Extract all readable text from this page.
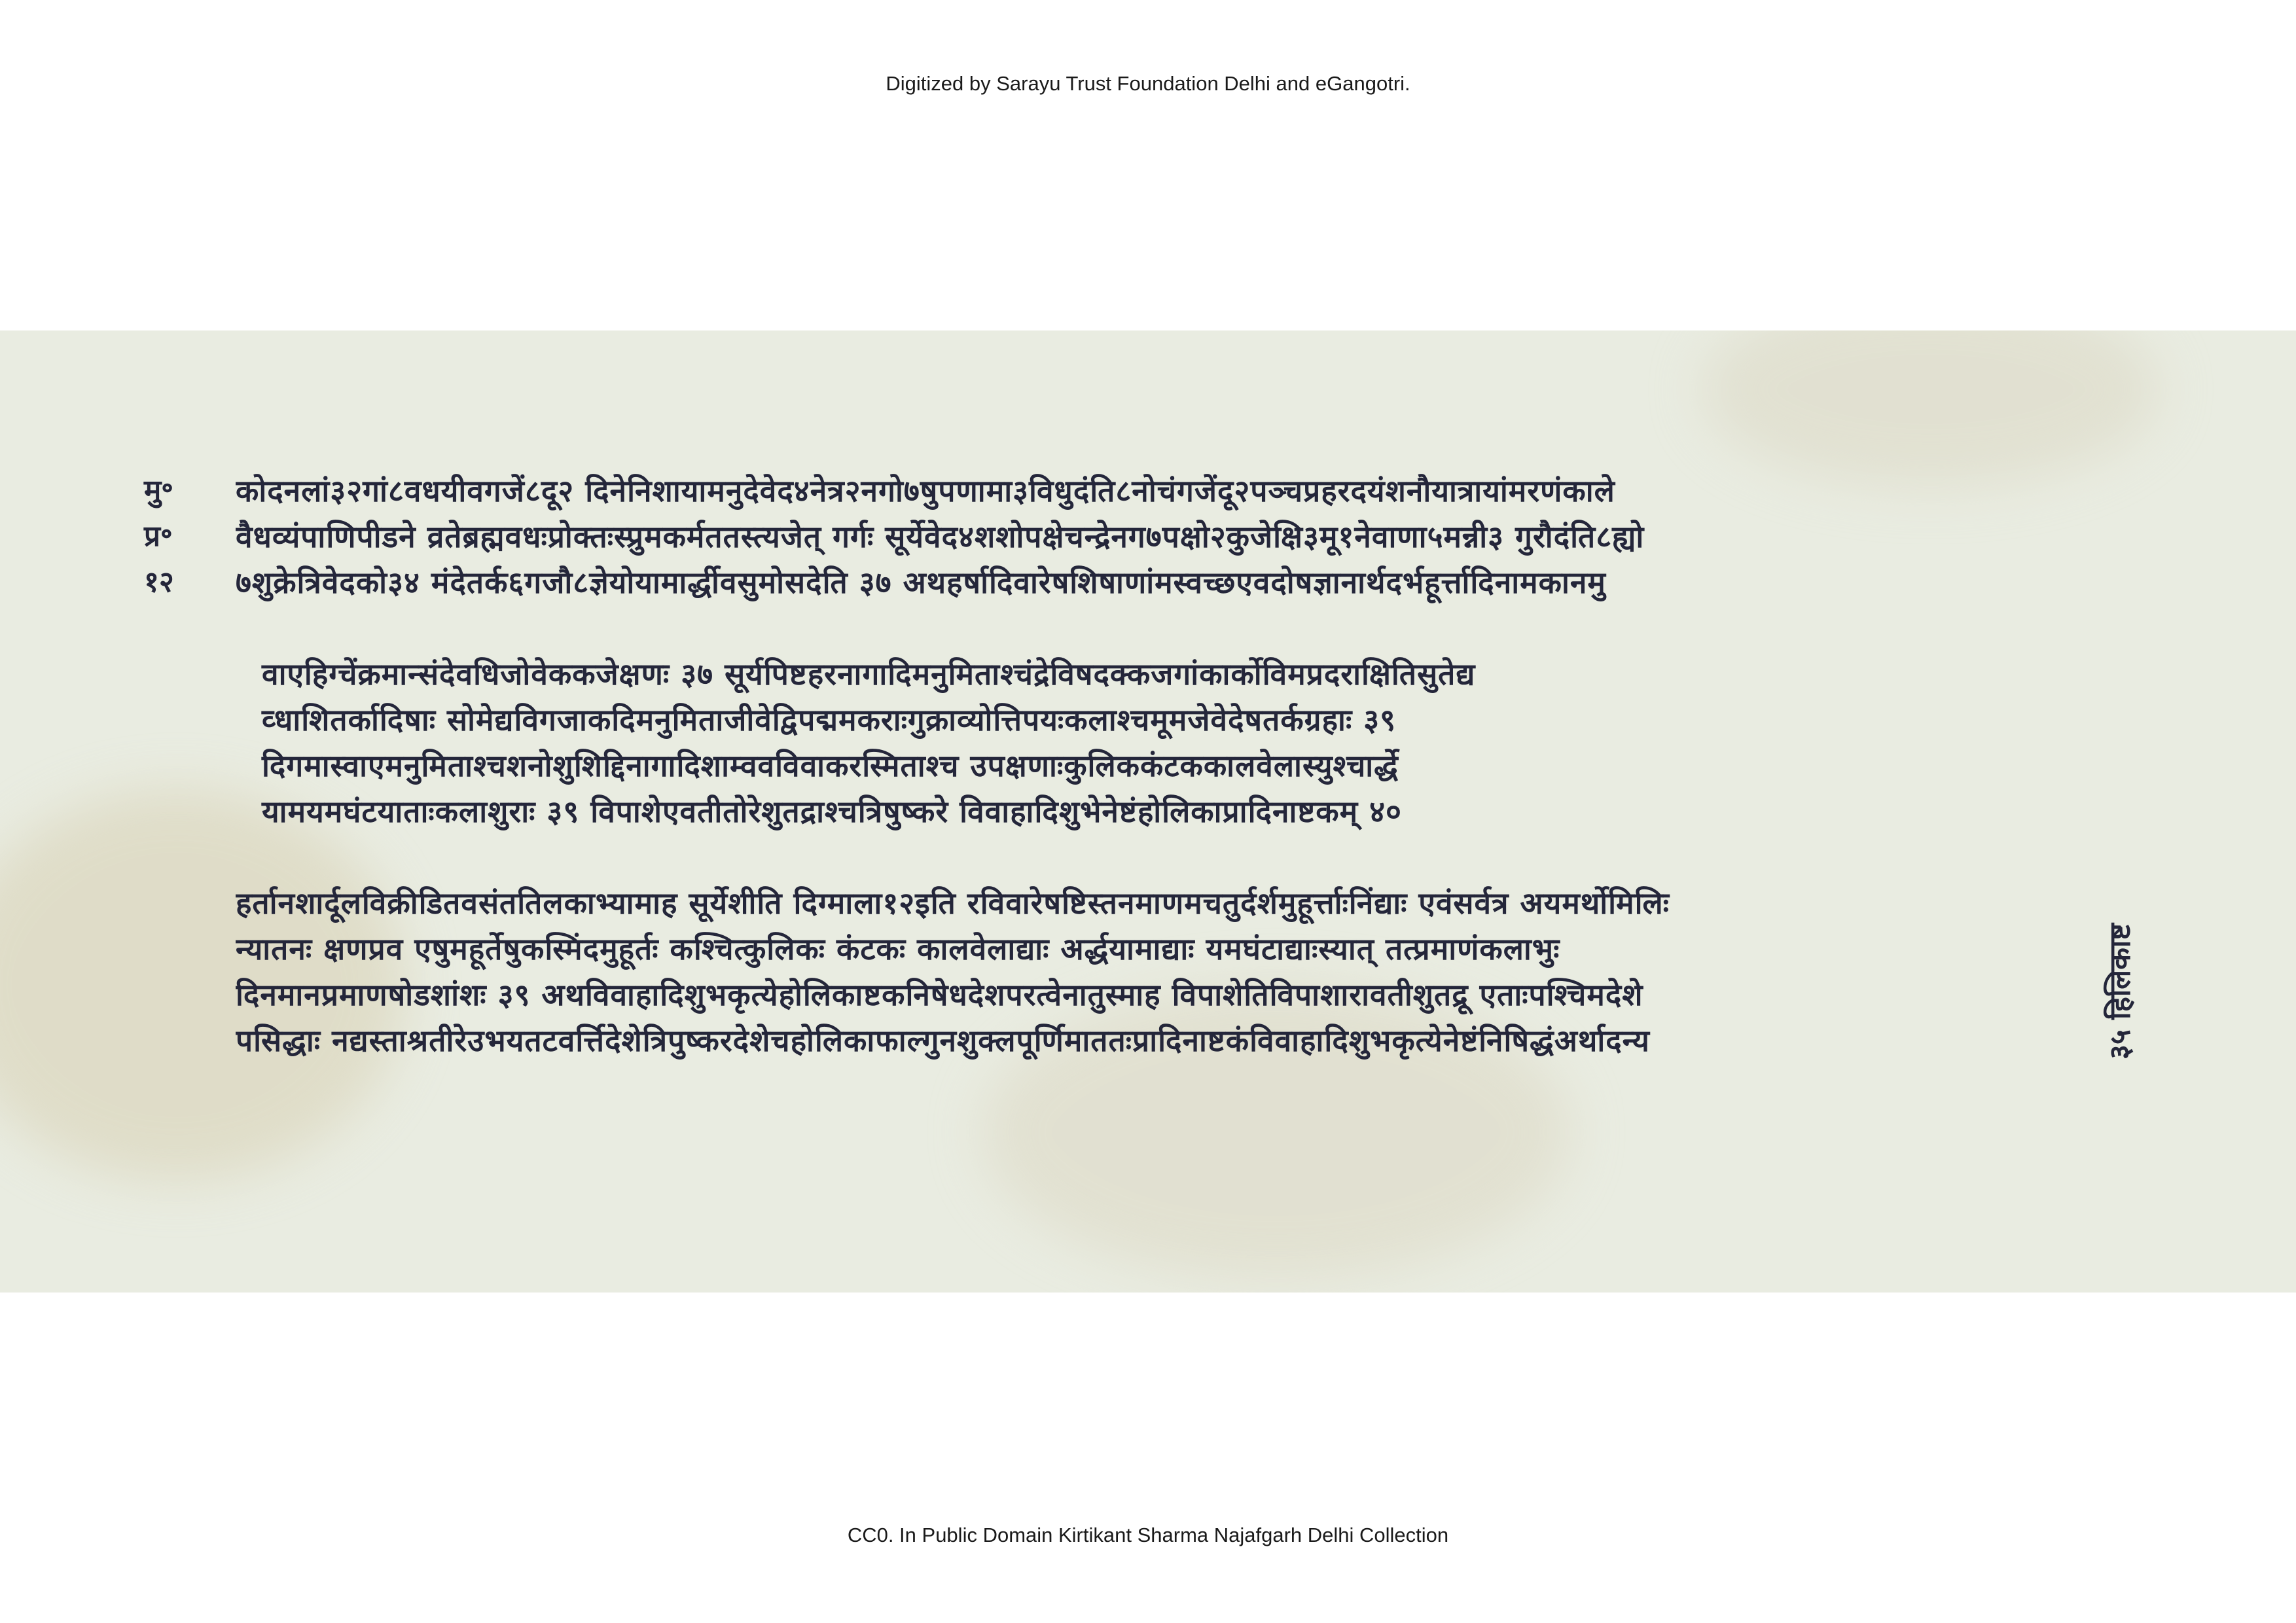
Digitized by Sarayu Trust Foundation Delhi and eGangotri.
मु॰
प्र॰
१२
कोदनलां३२गां८वधयीवगजें८दू२ दिनेनिशायामनुदेवेद४नेत्र२नगो७षुपणामा३विधुदंति८नोचंगजेंदू२पञ्चप्रहरदयंशनौयात्रायांमरणंकाले
वैधव्यंपाणिपीडने व्रतेब्रह्मवधःप्रोक्तःस्प्रुमकर्मततस्त्यजेत् गर्गः सूर्येवेद४शशोपक्षेचन्द्रेनग७पक्षो२कुजेक्षि३मू१नेवाणा५मन्नी३ गुरौदंति८ह्यो
७शुक्रेत्रिवेदको३४ मंदेतर्क६गजौ८ज्ञेयोयामार्द्धीवसुमोसदेति ३७ अथहर्षादिवारेषशिषाणांमस्वच्छएवदोषज्ञानार्थदर्भहूर्त्तादिनामकानमु
वाएहिग्चेंक्रमान्संदेवधिजोवेककजेक्षणः ३७ सूर्यपिष्टहरनागादिमनुमिताश्चंद्रेविषदक्कजगांकार्कोविमप्रदराक्षितिसुतेद्य
व्धाशितर्कादिषाः सोमेद्यविगजाकदिमनुमिताजीवेद्विपद्ममकराःगुक्राव्योत्तिपयःकलाश्चमूमजेवेदेषतर्कग्रहाः ३९
दिगमास्वाएमनुमिताश्चशनोशुशिद्दिनागादिशाम्ववविवाकरस्मिताश्च उपक्षणाःकुलिककंटककालवेलास्युश्चार्द्धे
यामयमघंटयाताःकलाशुराः ३९ विपाशेएवतीतोरेशुतद्राश्चत्रिषुष्करे विवाहादिशुभेनेष्टंहोलिकाप्रादिनाष्टकम् ४०
हर्तानशार्दूलविक्रीडितवसंततिलकाभ्यामाह सूर्येशीति दिग्माला१२इति रविवारेषष्टिस्तनमाणमचतुर्दर्शमुहूर्त्ताःनिंद्याः एवंसर्वत्र अयमर्थोमिलिः
न्यातनः क्षणप्रव एषुमहूर्तेषुकस्मिंदमुहूर्तः कश्चित्कुलिकः कंटकः कालवेलाद्याः अर्द्धयामाद्याः यमघंटाद्याःस्यात् तत्प्रमाणंकलाभुः
दिनमानप्रमाणषोडशांशः ३९ अथविवाहादिशुभकृत्येहोलिकाष्टकनिषेधदेशपरत्वेनातुस्माह विपाशेतिविपाशारावतीशुतद्रू एताःपश्चिमदेशे
पसिद्धाः नद्यस्ताश्रतीरेउभयतटवर्त्तिदेशेत्रिपुष्करदेशेचहोलिकाफाल्गुनशुक्लपूर्णिमाततःप्रादिनाष्टकंविवाहादिशुभकृत्येनेष्टंनिषिद्धंअर्थादन्य	३५ हिलिकाष्ट
CC0. In Public Domain Kirtikant Sharma Najafgarh Delhi Collection
